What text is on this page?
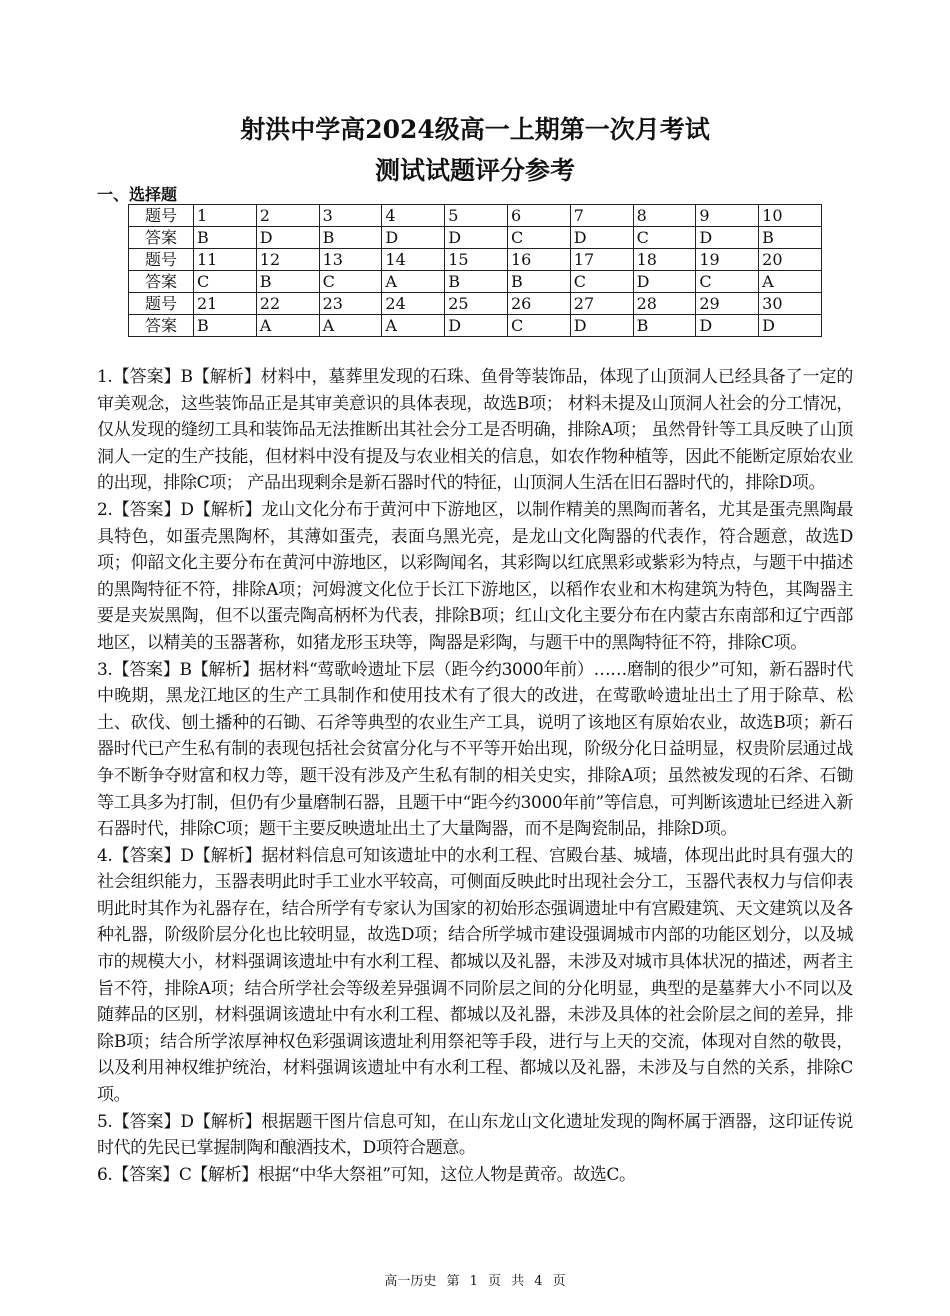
射洪中学高2024级高一上期第一次月考试
测试试题评分参考
一、选择题
题号	1	2	3	4	5	6	7	8	9	10
答案	B	D	B	D	D	C	D	C	D	B
题号	11	12	13	14	15	16	17	18	19	20
答案	C	B	C	A	B	B	C	D	C	A
题号	21	22	23	24	25	26	27	28	29	30
答案	B	A	A	A	D	C	D	B	D	D

1.【答案】B【解析】材料中，墓葬里发现的石珠、鱼骨等装饰品，体现了山顶洞人已经具备了一定的审美观念，这些装饰品正是其审美意识的具体表现，故选B项； 材料未提及山顶洞人社会的分工情况，仅从发现的缝纫工具和装饰品无法推断出其社会分工是否明确，排除A项； 虽然骨针等工具反映了山顶洞人一定的生产技能，但材料中没有提及与农业相关的信息，如农作物种植等，因此不能断定原始农业的出现，排除C项； 产品出现剩余是新石器时代的特征，山顶洞人生活在旧石器时代的，排除D项。

2.【答案】D【解析】龙山文化分布于黄河中下游地区，以制作精美的黑陶而著名，尤其是蛋壳黑陶最具特色，如蛋壳黑陶杯，其薄如蛋壳，表面乌黑光亮，是龙山文化陶器的代表作，符合题意，故选D项；仰韶文化主要分布在黄河中游地区，以彩陶闻名，其彩陶以红底黑彩或紫彩为特点，与题干中描述的黑陶特征不符，排除A项；河姆渡文化位于长江下游地区，以稻作农业和木构建筑为特色，其陶器主要是夹炭黑陶，但不以蛋壳陶高柄杯为代表，排除B项；红山文化主要分布在内蒙古东南部和辽宁西部地区，以精美的玉器著称，如猪龙形玉玦等，陶器是彩陶，与题干中的黑陶特征不符，排除C项。

3.【答案】B【解析】据材料“莺歌岭遗址下层（距今约3000年前）……磨制的很少”可知，新石器时代中晚期，黑龙江地区的生产工具制作和使用技术有了很大的改进，在莺歌岭遗址出土了用于除草、松土、砍伐、刨土播种的石锄、石斧等典型的农业生产工具，说明了该地区有原始农业，故选B项；新石器时代已产生私有制的表现包括社会贫富分化与不平等开始出现，阶级分化日益明显，权贵阶层通过战争不断争夺财富和权力等，题干没有涉及产生私有制的相关史实，排除A项；虽然被发现的石斧、石锄等工具多为打制，但仍有少量磨制石器，且题干中“距今约3000年前”等信息，可判断该遗址已经进入新石器时代，排除C项；题干主要反映遗址出土了大量陶器，而不是陶瓷制品，排除D项。

4.【答案】D【解析】据材料信息可知该遗址中的水利工程、宫殿台基、城墙，体现出此时具有强大的社会组织能力，玉器表明此时手工业水平较高，可侧面反映此时出现社会分工，玉器代表权力与信仰表明此时其作为礼器存在，结合所学有专家认为国家的初始形态强调遗址中有宫殿建筑、天文建筑以及各种礼器，阶级阶层分化也比较明显，故选D项；结合所学城市建设强调城市内部的功能区划分，以及城市的规模大小，材料强调该遗址中有水利工程、都城以及礼器，未涉及对城市具体状况的描述，两者主旨不符，排除A项；结合所学社会等级差异强调不同阶层之间的分化明显，典型的是墓葬大小不同以及随葬品的区别，材料强调该遗址中有水利工程、都城以及礼器，未涉及具体的社会阶层之间的差异，排除B项；结合所学浓厚神权色彩强调该遗址利用祭祀等手段，进行与上天的交流，体现对自然的敬畏，以及利用神权维护统治，材料强调该遗址中有水利工程、都城以及礼器，未涉及与自然的关系，排除C项。

5.【答案】D【解析】根据题干图片信息可知，在山东龙山文化遗址发现的陶杯属于酒器，这印证传说时代的先民已掌握制陶和酿酒技术，D项符合题意。

6.【答案】C【解析】根据“中华大祭祖”可知，这位人物是黄帝。故选C。

高一历史 第 1 页 共 4 页
